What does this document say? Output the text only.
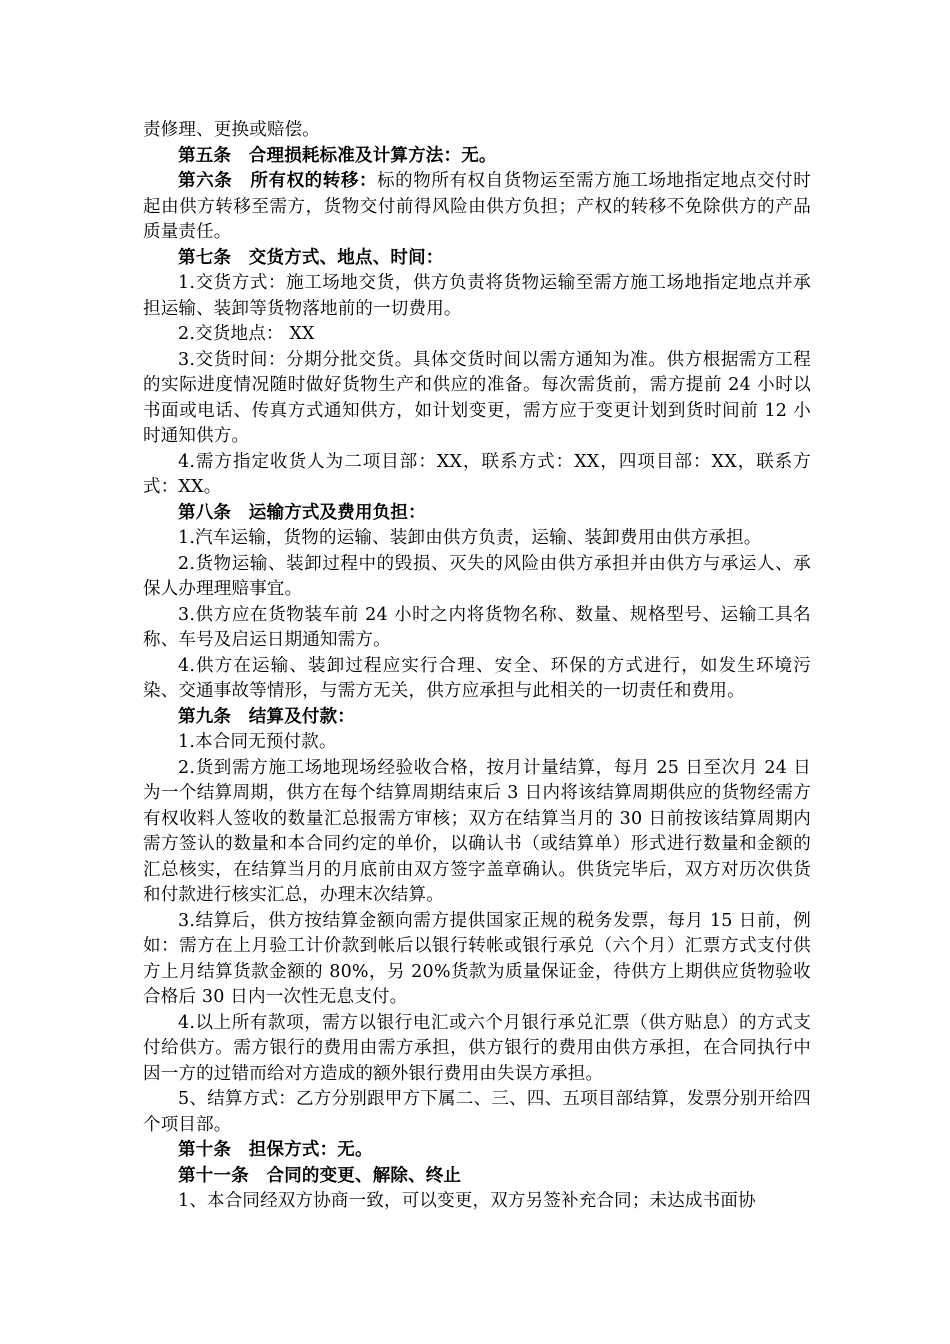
责修理、更换或赔偿。

第五条　合理损耗标准及计算方法：无。

第六条　所有权的转移：标的物所有权自货物运至需方施工场地指定地点交付时起由供方转移至需方，货物交付前得风险由供方负担；产权的转移不免除供方的产品质量责任。

第七条　交货方式、地点、时间：

1.交货方式：施工场地交货，供方负责将货物运输至需方施工场地指定地点并承担运输、装卸等货物落地前的一切费用。

2.交货地点： XX

3.交货时间：分期分批交货。具体交货时间以需方通知为准。供方根据需方工程的实际进度情况随时做好货物生产和供应的准备。每次需货前，需方提前 24 小时以书面或电话、传真方式通知供方，如计划变更，需方应于变更计划到货时间前 12 小时通知供方。

4.需方指定收货人为二项目部：XX，联系方式：XX，四项目部：XX，联系方式：XX。

第八条　运输方式及费用负担：

1.汽车运输，货物的运输、装卸由供方负责，运输、装卸费用由供方承担。

2.货物运输、装卸过程中的毁损、灭失的风险由供方承担并由供方与承运人、承保人办理理赔事宜。

3.供方应在货物装车前 24 小时之内将货物名称、数量、规格型号、运输工具名称、车号及启运日期通知需方。

4.供方在运输、装卸过程应实行合理、安全、环保的方式进行，如发生环境污染、交通事故等情形，与需方无关，供方应承担与此相关的一切责任和费用。

第九条　结算及付款：

1.本合同无预付款。

2.货到需方施工场地现场经验收合格，按月计量结算，每月 25 日至次月 24 日为一个结算周期，供方在每个结算周期结束后 3 日内将该结算周期供应的货物经需方有权收料人签收的数量汇总报需方审核；双方在结算当月的 30 日前按该结算周期内需方签认的数量和本合同约定的单价，以确认书（或结算单）形式进行数量和金额的汇总核实，在结算当月的月底前由双方签字盖章确认。供货完毕后，双方对历次供货和付款进行核实汇总，办理末次结算。

3.结算后，供方按结算金额向需方提供国家正规的税务发票，每月 15 日前，例如：需方在上月验工计价款到帐后以银行转帐或银行承兑（六个月）汇票方式支付供方上月结算货款金额的 80%，另 20%货款为质量保证金，待供方上期供应货物验收合格后 30 日内一次性无息支付。

4.以上所有款项，需方以银行电汇或六个月银行承兑汇票（供方贴息）的方式支付给供方。需方银行的费用由需方承担，供方银行的费用由供方承担，在合同执行中因一方的过错而给对方造成的额外银行费用由失误方承担。

5、结算方式：乙方分别跟甲方下属二、三、四、五项目部结算，发票分别开给四个项目部。

第十条　担保方式：无。

第十一条　合同的变更、解除、终止

1、本合同经双方协商一致，可以变更，双方另签补充合同；未达成书面协
